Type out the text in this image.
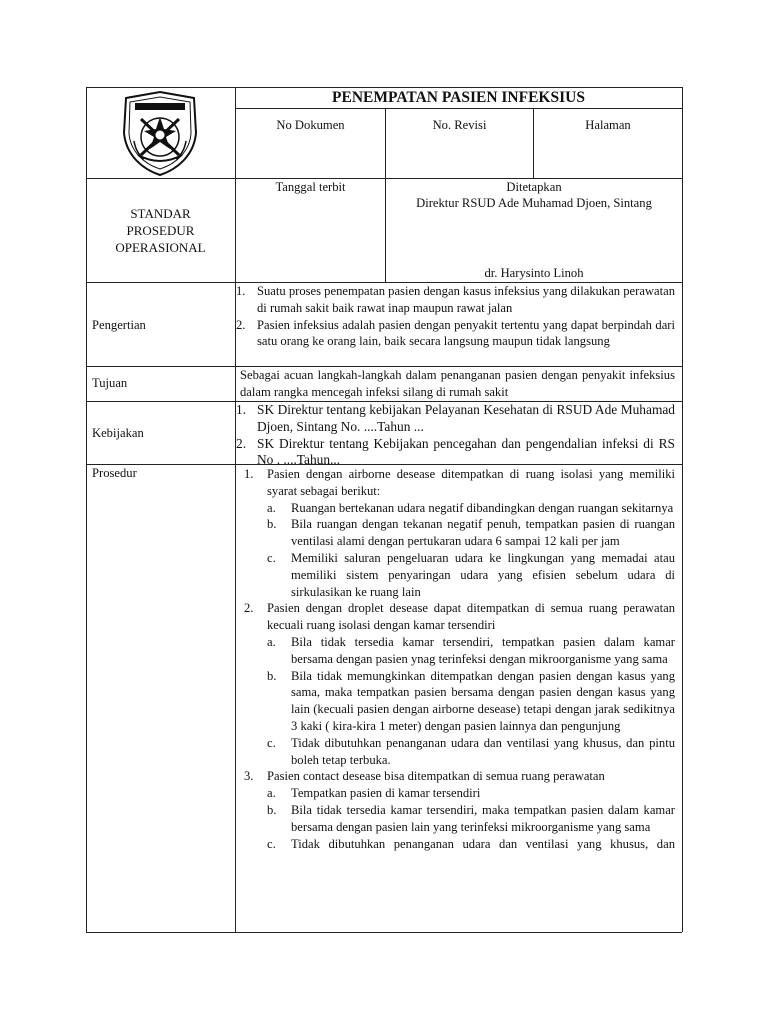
PENEMPATAN PASIEN INFEKSIUS
No Dokumen	No. Revisi	Halaman
STANDAR
PROSEDUR
OPERASIONAL
Tanggal terbit	Ditetapkan
Direktur RSUD Ade Muhamad Djoen, Sintang
dr. Harysinto Linoh
Pengertian
1. Suatu proses penempatan pasien dengan kasus infeksius yang dilakukan perawatan di rumah sakit baik rawat inap maupun rawat jalan
2. Pasien infeksius adalah pasien dengan penyakit tertentu yang dapat berpindah dari satu orang ke orang lain, baik secara langsung maupun tidak langsung
Tujuan
Sebagai acuan langkah-langkah dalam penanganan pasien dengan penyakit infeksius dalam rangka mencegah infeksi silang di rumah sakit
Kebijakan
1. SK Direktur tentang kebijakan Pelayanan Kesehatan di RSUD Ade Muhamad Djoen, Sintang No. ....Tahun ...
2. SK Direktur tentang Kebijakan pencegahan dan pengendalian infeksi di RS No . ....Tahun...
Prosedur	1. Pasien dengan airborne desease ditempatkan di ruang isolasi yang memiliki syarat sebagai berikut:
a. Ruangan bertekanan udara negatif dibandingkan dengan ruangan sekitarnya
b. Bila ruangan dengan tekanan negatif penuh, tempatkan pasien di ruangan ventilasi alami dengan pertukaran udara 6 sampai 12 kali per jam
c. Memiliki saluran pengeluaran udara ke lingkungan yang memadai atau memiliki sistem penyaringan udara yang efisien sebelum udara di sirkulasikan ke ruang lain
2. Pasien dengan droplet desease dapat ditempatkan di semua ruang perawatan kecuali ruang isolasi dengan kamar tersendiri
a. Bila tidak tersedia kamar tersendiri, tempatkan pasien dalam kamar bersama dengan pasien ynag terinfeksi dengan mikroorganisme yang sama
b. Bila tidak memungkinkan ditempatkan dengan pasien dengan kasus yang sama, maka tempatkan pasien bersama dengan pasien dengan kasus yang lain (kecuali pasien dengan airborne desease) tetapi dengan jarak sedikitnya 3 kaki ( kira-kira 1 meter) dengan pasien lainnya dan pengunjung
c. Tidak dibutuhkan penanganan udara dan ventilasi yang khusus, dan pintu boleh tetap terbuka.
3. Pasien contact desease bisa ditempatkan di semua ruang perawatan
a. Tempatkan pasien di kamar tersendiri
b. Bila tidak tersedia kamar tersendiri, maka tempatkan pasien dalam kamar bersama dengan pasien lain yang terinfeksi mikroorganisme yang sama
c. Tidak dibutuhkan penanganan udara dan ventilasi yang khusus, dan
